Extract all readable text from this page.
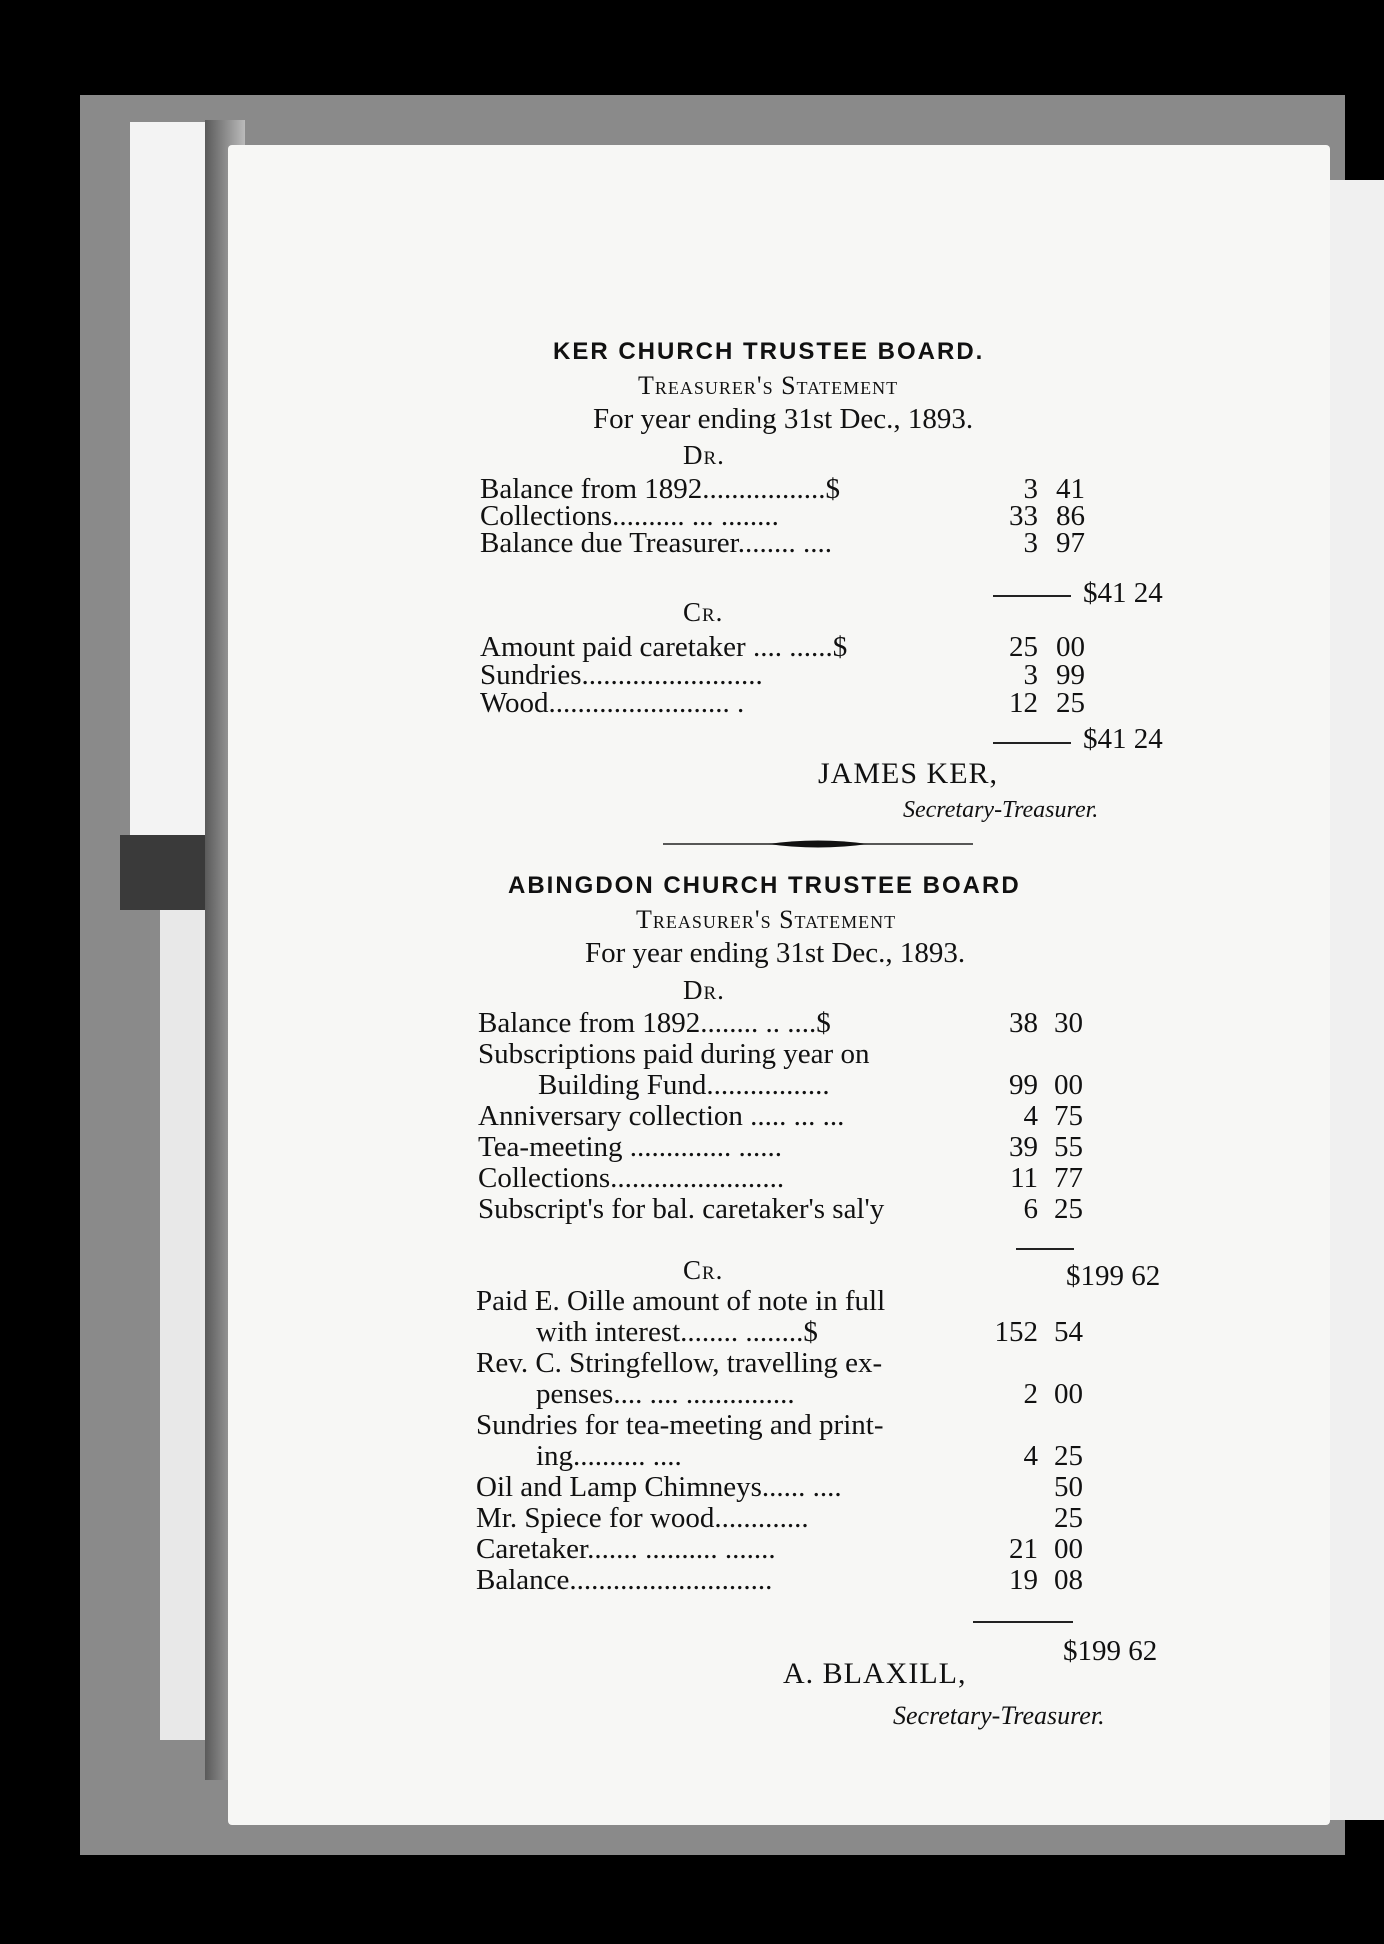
KER CHURCH TRUSTEE BOARD.
Treasurer's Statement
For year ending 31st Dec., 1893.
Dr.
Balance from 1892.................$	3 41
Collections.......... ... ........	33 86
Balance due Treasurer........ ....	3 97
$41 24
Cr.
Amount paid caretaker .... ......$	25 00
Sundries.........................	3 99
Wood......................... .	12 25
$41 24
JAMES KER,
Secretary-Treasurer.
ABINGDON CHURCH TRUSTEE BOARD
Treasurer's Statement
For year ending 31st Dec., 1893.
Dr.
Balance from 1892........ .. ....$	38 30
Subscriptions paid during year on
Building Fund.................	99 00
Anniversary collection ..... ... ...	4 75
Tea-meeting .............. ......	39 55
Collections........................	11 77
Subscript's for bal. caretaker's sal'y	6 25
Cr.	$199 62
Paid E. Oille amount of note in full
with interest........ ........$	152 54
Rev. C. Stringfellow, travelling ex-
penses.... .... ...............	2 00
Sundries for tea-meeting and print-
ing.......... ....	4 25
Oil and Lamp Chimneys...... ....	50
Mr. Spiece for wood.............	25
Caretaker....... .......... .......	21 00
Balance............................	19 08
$199 62
A. BLAXILL,
Secretary-Treasurer.
